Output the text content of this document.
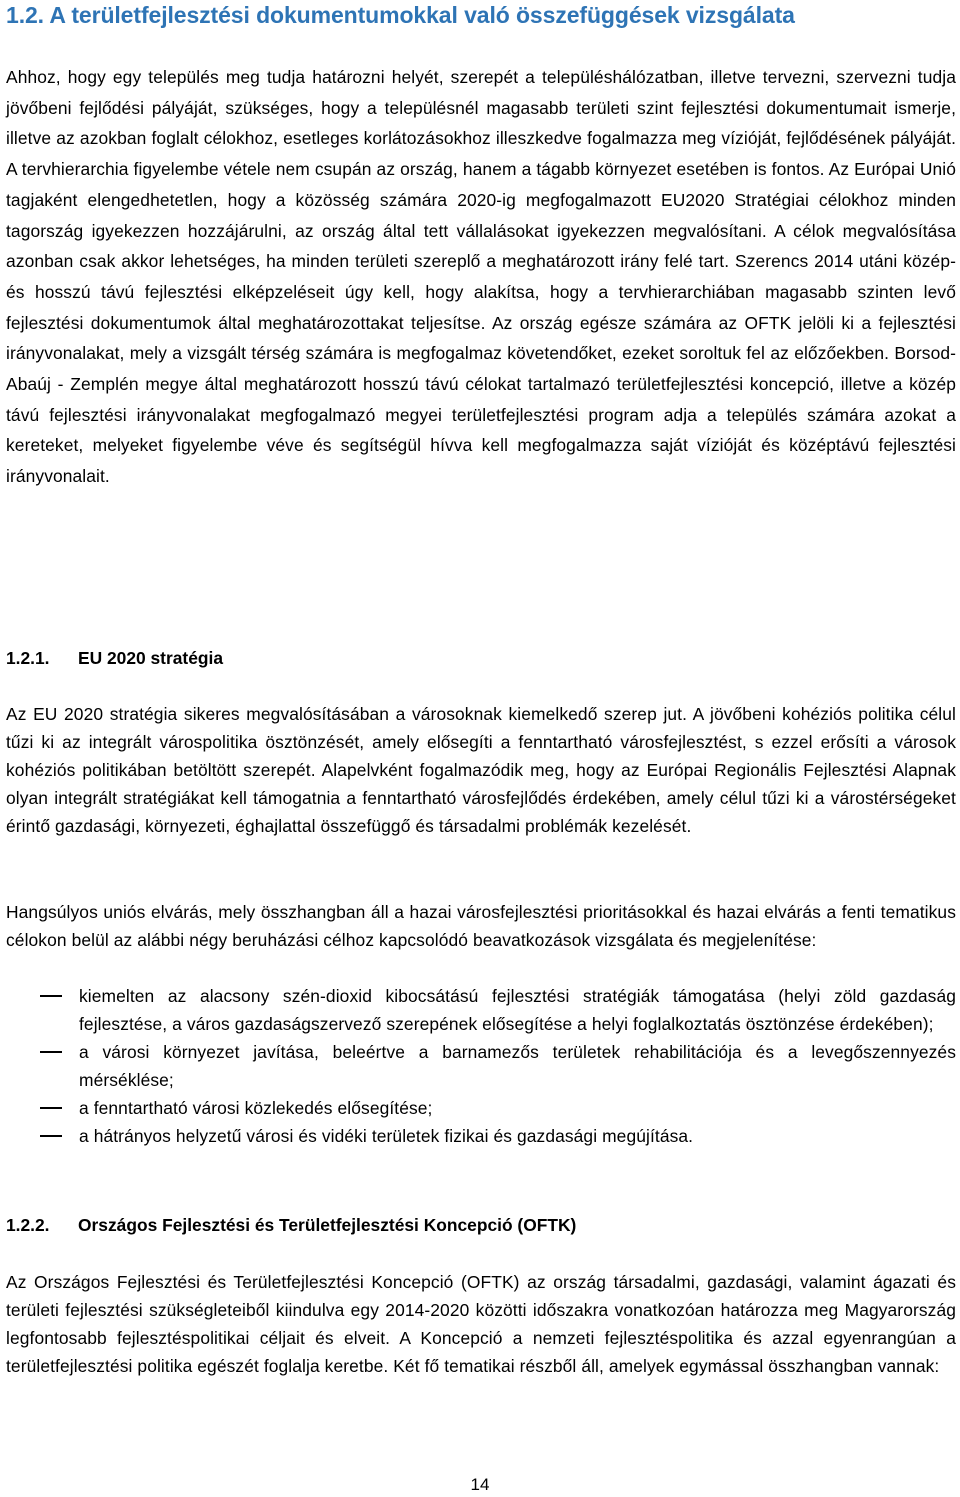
1.2. A területfejlesztési dokumentumokkal való összefüggések vizsgálata

Ahhoz, hogy egy település meg tudja határozni helyét, szerepét a településhálózatban, illetve tervezni, szervezni tudja jövőbeni fejlődési pályáját, szükséges, hogy a településnél magasabb területi szint fejlesztési dokumentumait ismerje, illetve az azokban foglalt célokhoz, esetleges korlátozásokhoz illeszkedve fogalmazza meg vízióját, fejlődésének pályáját. A tervhierarchia figyelembe vétele nem csupán az ország, hanem a tágabb környezet esetében is fontos. Az Európai Unió tagjaként elengedhetetlen, hogy a közösség számára 2020-ig megfogalmazott EU2020 Stratégiai célokhoz minden tagország igyekezzen hozzájárulni, az ország által tett vállalásokat igyekezzen megvalósítani. A célok megvalósítása azonban csak akkor lehetséges, ha minden területi szereplő a meghatározott irány felé tart. Szerencs 2014 utáni közép- és hosszú távú fejlesztési elképzeléseit úgy kell, hogy alakítsa, hogy a tervhierarchiában magasabb szinten levő fejlesztési dokumentumok által meghatározottakat teljesítse. Az ország egésze számára az OFTK jelöli ki a fejlesztési irányvonalakat, mely a vizsgált térség számára is megfogalmaz követendőket, ezeket soroltuk fel az előzőekben. Borsod- Abaúj - Zemplén megye által meghatározott hosszú távú célokat tartalmazó területfejlesztési koncepció, illetve a közép távú fejlesztési irányvonalakat megfogalmazó megyei területfejlesztési program adja a település számára azokat a kereteket, melyeket figyelembe véve és segítségül hívva kell megfogalmazza saját vízióját és középtávú fejlesztési irányvonalait.

1.2.1. EU 2020 stratégia

Az EU 2020 stratégia sikeres megvalósításában a városoknak kiemelkedő szerep jut. A jövőbeni kohéziós politika célul tűzi ki az integrált várospolitika ösztönzését, amely elősegíti a fenntartható városfejlesztést, s ezzel erősíti a városok kohéziós politikában betöltött szerepét. Alapelvként fogalmazódik meg, hogy az Európai Regionális Fejlesztési Alapnak olyan integrált stratégiákat kell támogatnia a fenntartható városfejlődés érdekében, amely célul tűzi ki a várostérségeket érintő gazdasági, környezeti, éghajlattal összefüggő és társadalmi problémák kezelését.

Hangsúlyos uniós elvárás, mely összhangban áll a hazai városfejlesztési prioritásokkal és hazai elvárás a fenti tematikus célokon belül az alábbi négy beruházási célhoz kapcsolódó beavatkozások vizsgálata és megjelenítése:

kiemelten az alacsony szén-dioxid kibocsátású fejlesztési stratégiák támogatása (helyi zöld gazdaság fejlesztése, a város gazdaságszervező szerepének elősegítése a helyi foglalkoztatás ösztönzése érdekében);
a városi környezet javítása, beleértve a barnamezős területek rehabilitációja és a levegőszennyezés mérséklése;
a fenntartható városi közlekedés elősegítése;
a hátrányos helyzetű városi és vidéki területek fizikai és gazdasági megújítása.
1.2.2. Országos Fejlesztési és Területfejlesztési Koncepció (OFTK)

Az Országos Fejlesztési és Területfejlesztési Koncepció (OFTK) az ország társadalmi, gazdasági, valamint ágazati és területi fejlesztési szükségleteiből kiindulva egy 2014-2020 közötti időszakra vonatkozóan határozza meg Magyarország legfontosabb fejlesztéspolitikai céljait és elveit. A Koncepció a nemzeti fejlesztéspolitika és azzal egyenrangúan a területfejlesztési politika egészét foglalja keretbe. Két fő tematikai részből áll, amelyek egymással összhangban vannak:

14
